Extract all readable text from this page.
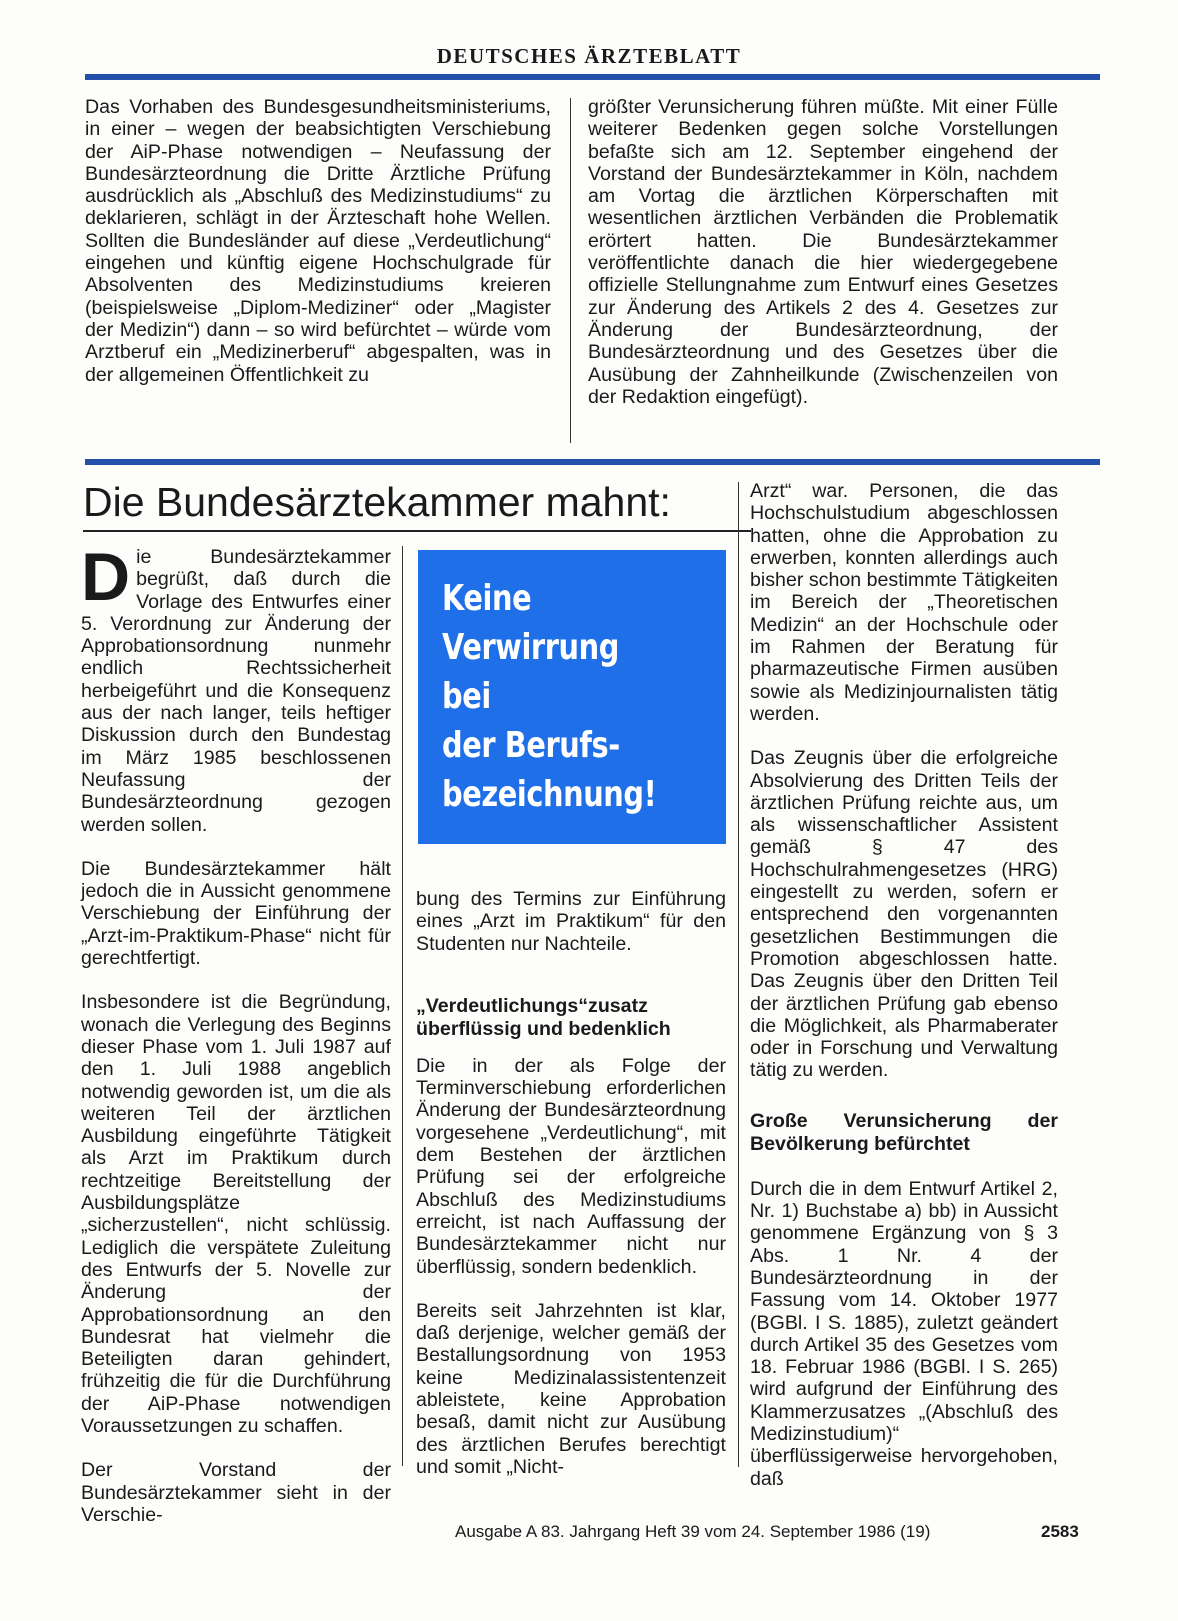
DEUTSCHES ÄRZTEBLATT

Das Vorhaben des Bundesgesundheitsministeriums, in einer – wegen der beabsichtigten Verschiebung der AiP-Phase notwendigen – Neufassung der Bundesärzteordnung die Dritte Ärztliche Prüfung ausdrücklich als „Abschluß des Medizinstudiums“ zu deklarieren, schlägt in der Ärzteschaft hohe Wellen. Sollten die Bundesländer auf diese „Verdeutlichung“ eingehen und künftig eigene Hochschulgrade für Absolventen des Medizinstudiums kreieren (beispielsweise „Diplom-Mediziner“ oder „Magister der Medizin“) dann – so wird befürchtet – würde vom Arztberuf ein „Medizinerberuf“ abgespalten, was in der allgemeinen Öffentlichkeit zu

größter Verunsicherung führen müßte. Mit einer Fülle weiterer Bedenken gegen solche Vorstellungen befaßte sich am 12. September eingehend der Vorstand der Bundesärztekammer in Köln, nachdem am Vortag die ärztlichen Körperschaften mit wesentlichen ärztlichen Verbänden die Problematik erörtert hatten. Die Bundesärztekammer veröffentlichte danach die hier wiedergegebene offizielle Stellungnahme zum Entwurf eines Gesetzes zur Änderung des Artikels 2 des 4. Gesetzes zur Änderung der Bundesärzteordnung, der Bundesärzteordnung und des Gesetzes über die Ausübung der Zahnheilkunde (Zwischenzeilen von der Redaktion eingefügt).

Die Bundesärztekammer mahnt:

Die Bundesärztekammer begrüßt, daß durch die Vorlage des Entwurfes einer 5. Verordnung zur Änderung der Approbationsordnung nunmehr endlich Rechtssicherheit herbeigeführt und die Konsequenz aus der nach langer, teils heftiger Diskussion durch den Bundestag im März 1985 beschlossenen Neufassung der Bundesärzteordnung gezogen werden sollen.

Die Bundesärztekammer hält jedoch die in Aussicht genommene Verschiebung der Einführung der „Arzt-im-Praktikum-Phase“ nicht für gerechtfertigt.

Insbesondere ist die Begründung, wonach die Verlegung des Beginns dieser Phase vom 1. Juli 1987 auf den 1. Juli 1988 angeblich notwendig geworden ist, um die als weiteren Teil der ärztlichen Ausbildung eingeführte Tätigkeit als Arzt im Praktikum durch rechtzeitige Bereitstellung der Ausbildungsplätze „sicherzustellen“, nicht schlüssig. Lediglich die verspätete Zuleitung des Entwurfs der 5. Novelle zur Änderung der Approbationsordnung an den Bundesrat hat vielmehr die Beteiligten daran gehindert, frühzeitig die für die Durchführung der AiP-Phase notwendigen Voraussetzungen zu schaffen.

Der Vorstand der Bundesärztekammer sieht in der Verschie-

Keine
Verwirrung
bei
der Berufs-
bezeichnung!

bung des Termins zur Einführung eines „Arzt im Praktikum“ für den Studenten nur Nachteile.

„Verdeutlichungs“zusatz überflüssig und bedenklich

Die in der als Folge der Terminverschiebung erforderlichen Änderung der Bundesärzteordnung vorgesehene „Verdeutlichung“, mit dem Bestehen der ärztlichen Prüfung sei der erfolgreiche Abschluß des Medizinstudiums erreicht, ist nach Auffassung der Bundesärztekammer nicht nur überflüssig, sondern bedenklich.

Bereits seit Jahrzehnten ist klar, daß derjenige, welcher gemäß der Bestallungsordnung von 1953 keine Medizinalassistentenzeit ableistete, keine Approbation besaß, damit nicht zur Ausübung des ärztlichen Berufes berechtigt und somit „Nicht-

Arzt“ war. Personen, die das Hochschulstudium abgeschlossen hatten, ohne die Approbation zu erwerben, konnten allerdings auch bisher schon bestimmte Tätigkeiten im Bereich der „Theoretischen Medizin“ an der Hochschule oder im Rahmen der Beratung für pharmazeutische Firmen ausüben sowie als Medizinjournalisten tätig werden.

Das Zeugnis über die erfolgreiche Absolvierung des Dritten Teils der ärztlichen Prüfung reichte aus, um als wissenschaftlicher Assistent gemäß § 47 des Hochschulrahmengesetzes (HRG) eingestellt zu werden, sofern er entsprechend den vorgenannten gesetzlichen Bestimmungen die Promotion abgeschlossen hatte. Das Zeugnis über den Dritten Teil der ärztlichen Prüfung gab ebenso die Möglichkeit, als Pharmaberater oder in Forschung und Verwaltung tätig zu werden.

Große Verunsicherung der Bevölkerung befürchtet

Durch die in dem Entwurf Artikel 2, Nr. 1) Buchstabe a) bb) in Aussicht genommene Ergänzung von § 3 Abs. 1 Nr. 4 der Bundesärzteordnung in der Fassung vom 14. Oktober 1977 (BGBl. I S. 1885), zuletzt geändert durch Artikel 35 des Gesetzes vom 18. Februar 1986 (BGBl. I S. 265) wird aufgrund der Einführung des Klammerzusatzes „(Abschluß des Medizinstudium)“ überflüssigerweise hervorgehoben, daß

Ausgabe A 83. Jahrgang Heft 39 vom 24. September 1986 (19)	2583
